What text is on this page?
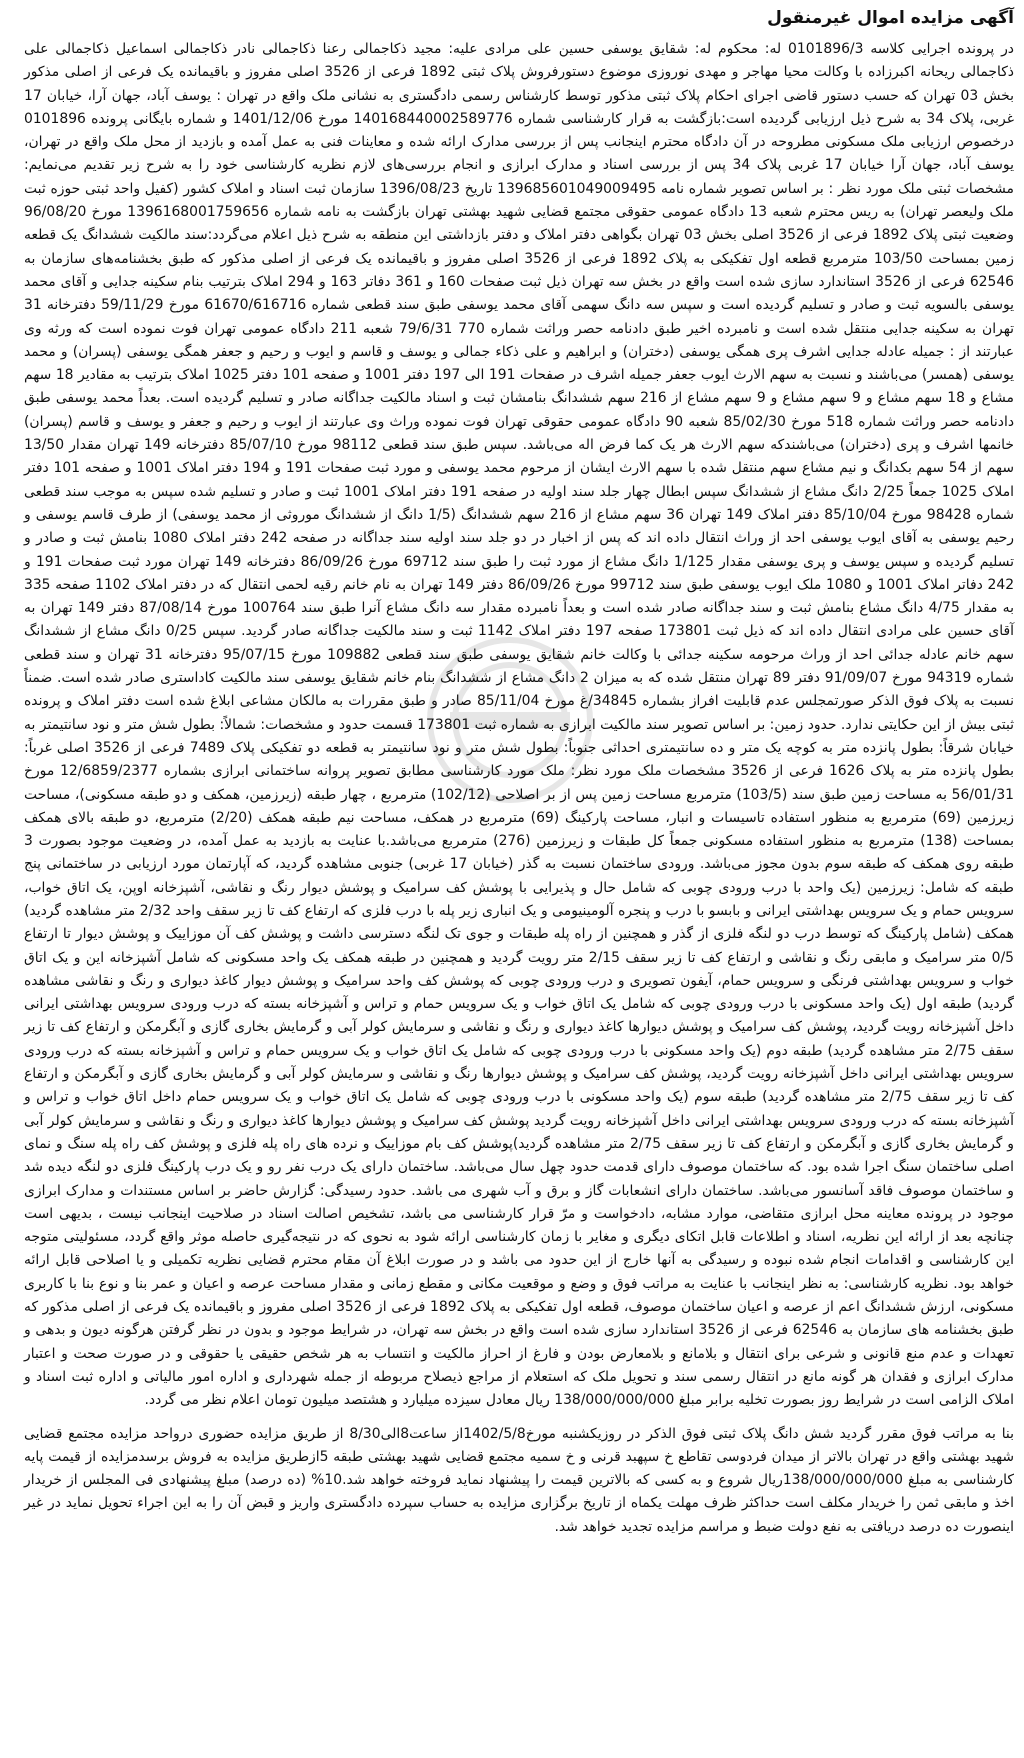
آگهی مزایده اموال غیرمنقول

در پرونده اجرایی کلاسه 0101896/3 له: محکوم له: شقایق یوسفی حسین علی مرادی علیه: مجید ذکاجمالی رعنا ذکاجمالی نادر ذکاجمالی اسماعیل ذکاجمالی علی ذکاجمالی ریحانه اکبرزاده با وکالت محیا مهاجر و مهدی نوروزی موضوع دستورفروش پلاک ثبتی 1892 فرعی از 3526 اصلی مفروز و باقیمانده یک فرعی از اصلی مذکور بخش 03 تهران که حسب دستور قاضی اجرای احکام پلاک ثبتی مذکور توسط کارشناس رسمی دادگستری به نشانی ملک واقع در تهران : یوسف آباد، جهان آرا، خیابان 17 غربی، پلاک 34 به شرح ذیل ارزیابی گردیده است:بازگشت به قرار کارشناسی شماره 140168440002589776 مورخ 1401/12/06 و شماره بایگانی پرونده 0101896 درخصوص ارزیابی ملک مسکونی مطروحه در آن دادگاه محترم اینجانب پس از بررسی مدارک ارائه شده و معاینات فنی به عمل آمده و بازدید از محل ملک واقع در تهران، یوسف آباد، جهان آرا خیابان 17 غربی پلاک 34 پس از بررسی اسناد و مدارک ابرازی و انجام بررسی‌های لازم نظریه کارشناسی خود را به شرح زیر تقدیم می‌نمایم: مشخصات ثبتی ملک مورد نظر : بر اساس تصویر شماره نامه 139685601049009495 تاریخ 1396/08/23 سازمان ثبت اسناد و املاک کشور (کفیل واحد ثبتی حوزه ثبت ملک ولیعصر تهران) به ریس محترم شعبه 13 دادگاه عمومی حقوقی مجتمع قضایی شهید بهشتی تهران بازگشت به نامه شماره 1396168001759656 مورخ 96/08/20 وضعیت ثبتی پلاک 1892 فرعی از 3526 اصلی بخش 03 تهران بگواهی دفتر املاک و دفتر بازداشتی این منطقه به شرح ذیل اعلام می‌گردد:سند مالکیت ششدانگ یک قطعه زمین بمساحت 103/50 مترمربع قطعه اول تفکیکی به پلاک 1892 فرعی از 3526 اصلی مفروز و باقیمانده یک فرعی از اصلی مذکور که طبق بخشنامه‌های سازمان به 62546 فرعی از 3526 استاندارد سازی شده است واقع در بخش سه تهران ذیل ثبت صفحات 160 و 361 دفاتر 163 و 294 املاک بترتیب بنام سکینه جدایی و آقای محمد یوسفی بالسویه ثبت و صادر و تسلیم گردیده است و سپس سه دانگ سهمی آقای محمد یوسفی طبق سند قطعی شماره 61670/616716 مورخ 59/11/29 دفترخانه 31 تهران به سکینه جدایی منتقل شده است و نامبرده اخیر طبق دادنامه حصر وراثت شماره 770 79/6/31 شعبه 211 دادگاه عمومی تهران فوت نموده است که ورثه وی عبارتند از : جمیله عادله جدایی اشرف پری همگی یوسفی (دختران) و ابراهیم و علی ذکاء جمالی و یوسف و قاسم و ایوب و رحیم و جعفر همگی یوسفی (پسران) و محمد یوسفی (همسر) می‌باشند و نسبت به سهم الارث ایوب جعفر جمیله اشرف در صفحات 191 الی 197 دفتر 1001 و صفحه 101 دفتر 1025 املاک بترتیب به مقادیر 18 سهم مشاع و 18 سهم مشاع و 9 سهم مشاع و 9 سهم مشاع از 216 سهم ششدانگ بنامشان ثبت و اسناد مالکیت جداگانه صادر و تسلیم گردیده است. بعداً محمد یوسفی طبق دادنامه حصر وراثت شماره 518 مورخ 85/02/30 شعبه 90 دادگاه عمومی حقوقی تهران فوت نموده وراث وی عبارتند از ایوب و رحیم و جعفر و یوسف و قاسم (پسران) خانمها اشرف و پری (دختران) می‌باشندکه سهم الارث هر یک کما فرض اله می‌باشد. سپس طبق سند قطعی 98112 مورخ 85/07/10 دفترخانه 149 تهران مقدار 13/50 سهم از 54 سهم بکدانگ و نیم مشاع سهم منتقل شده با سهم الارث ایشان از مرحوم محمد یوسفی و مورد ثبت صفحات 191 و 194 دفتر املاک 1001 و صفحه 101 دفتر املاک 1025 جمعاً 2/25 دانگ مشاع از ششدانگ سپس ابطال چهار جلد سند اولیه در صفحه 191 دفتر املاک 1001 ثبت و صادر و تسلیم شده سپس به موجب سند قطعی شماره 98428 مورخ 85/10/04 دفتر املاک 149 تهران 36 سهم مشاع از 216 سهم ششدانگ (1/5 دانگ از ششدانگ موروثی از محمد یوسفی) از طرف قاسم یوسفی و رحیم یوسفی به آقای ایوب یوسفی احد از وراث انتقال داده اند که پس از اخبار در دو جلد سند اولیه سند جداگانه در صفحه 242 دفتر املاک 1080 بنامش ثبت و صادر و تسلیم گردیده و سپس یوسف و پری یوسفی مقدار 1/125 دانگ مشاع از مورد ثبت را طبق سند 69712 مورخ 86/09/26 دفترخانه 149 تهران مورد ثبت صفحات 191 و 242 دفاتر املاک 1001 و 1080 ملک ایوب یوسفی طبق سند 99712 مورخ 86/09/26 دفتر 149 تهران به نام خانم رقیه لحمی انتقال که در دفتر املاک 1102 صفحه 335 به مقدار 4/75 دانگ مشاع بنامش ثبت و سند جداگانه صادر شده است و بعداً نامبرده مقدار سه دانگ مشاع آنرا طبق سند 100764 مورخ 87/08/14 دفتر 149 تهران به آقای حسین علی مرادی انتقال داده اند که ذیل ثبت 173801 صفحه 197 دفتر املاک 1142 ثبت و سند مالکیت جداگانه صادر گردید. سپس 0/25 دانگ مشاع از ششدانگ سهم خانم عادله جدائی احد از وراث مرحومه سکینه جدائی با وکالت خانم شقایق یوسفی طبق سند قطعی 109882 مورخ 95/07/15 دفترخانه 31 تهران و سند قطعی شماره 94319 مورخ 91/09/07 دفتر 89 تهران منتقل شده که به میزان 2 دانگ مشاع از ششدانگ بنام خانم شقایق یوسفی سند مالکیت کاداستری صادر شده است. ضمناً نسبت به پلاک فوق الذکر صورتمجلس عدم قابلیت افراز بشماره 34845/غ مورخ 85/11/04 صادر و طبق مقررات به مالکان مشاعی ابلاغ شده است دفتر املاک و پرونده ثبتی بیش از این حکایتی ندارد. حدود زمین: بر اساس تصویر سند مالکیت ابرازی به شماره ثبت 173801 قسمت حدود و مشخصات: شمالاً: بطول شش متر و نود سانتیمتر به خیابان شرقاً: بطول پانزده متر به کوچه یک متر و ده سانتیمتری احداثی جنوباً: بطول شش متر و نود سانتیمتر به قطعه دو تفکیکی پلاک 7489 فرعی از 3526 اصلی غرباً: بطول پانزده متر به پلاک 1626 فرعی از 3526 مشخصات ملک مورد نظر: ملک مورد کارشناسی مطابق تصویر پروانه ساختمانی ابرازی بشماره 12/6859/2377 مورخ 56/01/31 به مساحت زمین طبق سند (103/5) مترمربع مساحت زمین پس از بر اصلاحی (102/12) مترمربع ، چهار طبقه (زیرزمین، همکف و دو طبقه مسکونی)، مساحت زیرزمین (69) مترمربع به منظور استفاده تاسیسات و انبار، مساحت پارکینگ (69) مترمربع در همکف، مساحت نیم طبقه همکف (2/20) مترمربع، دو طبقه بالای همکف بمساحت (138) مترمربع به منظور استفاده مسکونی جمعاً کل طبقات و زیرزمین (276) مترمربع می‌باشد.با عنایت به بازدید به عمل آمده، در وضعیت موجود بصورت 3 طبقه روی همکف که طبقه سوم بدون مجوز می‌باشد. ورودی ساختمان نسبت به گذر (خیابان 17 غربی) جنوبی مشاهده گردید، که آپارتمان مورد ارزیابی در ساختمانی پنج طبقه که شامل: زیرزمین (یک واحد با درب ورودی چوبی که شامل حال و پذیرایی با پوشش کف سرامیک و پوشش دیوار رنگ و نقاشی، آشپزخانه اوپن، یک اتاق خواب، سرویس حمام و یک سرویس بهداشتی ایرانی و بابسو با درب و پنجره آلومینیومی و یک انباری زیر پله با درب فلزی که ارتفاع کف تا زیر سقف واحد 2/32 متر مشاهده گردید) همکف (شامل پارکینگ که توسط درب دو لنگه فلزی از گذر و همچنین از راه پله طبقات و جوی تک لنگه دسترسی داشت و پوشش کف آن موزاییک و پوشش دیوار تا ارتفاع 0/5 متر سرامیک و مابقی رنگ و نقاشی و ارتفاع کف تا زیر سقف 2/15 متر رویت گردید و همچنین در طبقه همکف یک واحد مسکونی که شامل آشپزخانه این و یک اتاق خواب و سرویس بهداشتی فرنگی و سرویس حمام، آیفون تصویری و درب ورودی چوبی که پوشش کف واحد سرامیک و پوشش دیوار کاغذ دیواری و رنگ و نقاشی مشاهده گردید) طبقه اول (یک واحد مسکونی با درب ورودی چوبی که شامل یک اتاق خواب و یک سرویس حمام و تراس و آشپزخانه بسته که درب ورودی سرویس بهداشتی ایرانی داخل آشپزخانه رویت گردید، پوشش کف سرامیک و پوشش دیوارها کاغذ دیواری و رنگ و نقاشی و سرمایش کولر آبی و گرمایش بخاری گازی و آبگرمکن و ارتفاع کف تا زیر سقف 2/75 متر مشاهده گردید) طبقه دوم (یک واحد مسکونی با درب ورودی چوبی که شامل یک اتاق خواب و یک سرویس حمام و تراس و آشپزخانه بسته که درب ورودی سرویس بهداشتی ایرانی داخل آشپزخانه رویت گردید، پوشش کف سرامیک و پوشش دیوارها رنگ و نقاشی و سرمایش کولر آبی و گرمایش بخاری گازی و آبگرمکن و ارتفاع کف تا زیر سقف 2/75 متر مشاهده گردید) طبقه سوم (یک واحد مسکونی با درب ورودی چوبی که شامل یک اتاق خواب و یک سرویس حمام داخل اتاق خواب و تراس و آشپزخانه بسته که درب ورودی سرویس بهداشتی ایرانی داخل آشپزخانه رویت گردید پوشش کف سرامیک و پوشش دیوارها کاغذ دیواری و رنگ و نقاشی و سرمایش کولر آبی و گرمایش بخاری گازی و آبگرمکن و ارتفاع کف تا زیر سقف 2/75 متر مشاهده گردید)پوشش کف بام موزاییک و نرده های راه پله فلزی و پوشش کف راه پله سنگ و نمای اصلی ساختمان سنگ اجرا شده بود. که ساختمان موصوف دارای قدمت حدود چهل سال می‌باشد. ساختمان دارای یک درب نفر رو و یک درب پارکینگ فلزی دو لنگه دیده شد و ساختمان موصوف فاقد آسانسور می‌باشد. ساختمان دارای انشعابات گاز و برق و آب شهری می باشد. حدود رسیدگی: گزارش حاضر بر اساس مستندات و مدارک ابرازی موجود در پرونده معاینه محل ابرازی متقاضی، موارد مشابه، دادخواست و مرّ قرار کارشناسی می باشد، تشخیص اصالت اسناد در صلاحیت اینجانب نیست ، بدیهی است چنانچه بعد از ارائه این نظریه، اسناد و اطلاعات قابل اتکای دیگری و مغایر با زمان کارشناسی ارائه شود به نحوی که در نتیجه‌گیری حاصله موثر واقع گردد، مسئولیتی متوجه این کارشناسی و اقدامات انجام شده نبوده و رسیدگی به آنها خارج از این حدود می باشد و در صورت ابلاغ آن مقام محترم قضایی نظریه تکمیلی و یا اصلاحی قابل ارائه خواهد بود. نظریه کارشناسی: به نظر اینجانب با عنایت به مراتب فوق و وضع و موقعیت مکانی و مقطع زمانی و مقدار مساحت عرصه و اعیان و عمر بنا و نوع بنا با کاربری مسکونی، ارزش ششدانگ اعم از عرصه و اعیان ساختمان موصوف، قطعه اول تفکیکی به پلاک 1892 فرعی از 3526 اصلی مفروز و باقیمانده یک فرعی از اصلی مذکور که طبق بخشنامه های سازمان به 62546 فرعی از 3526 استاندارد سازی شده است واقع در بخش سه تهران، در شرایط موجود و بدون در نظر گرفتن هرگونه دیون و بدهی و تعهدات و عدم منع قانونی و شرعی برای انتقال و بلامانع و بلامعارض بودن و فارغ از احراز مالکیت و انتساب به هر شخص حقیقی یا حقوقی و در صورت صحت و اعتبار مدارک ابرازی و فقدان هر گونه مانع در انتقال رسمی سند و تحویل ملک که استعلام از مراجع ذیصلاح مربوطه از جمله شهرداری و اداره امور مالیاتی و اداره ثبت اسناد و املاک الزامی است در شرایط روز بصورت تخلیه برابر مبلغ 138/000/000/000 ریال معادل سیزده میلیارد و هشتصد میلیون تومان اعلام نظر می گردد.

بنا به مراتب فوق مقرر گردید شش دانگ پلاک ثبتی فوق الذکر در روزیکشنبه مورخ1402/5/8از ساعت8الی8/30 از طریق مزایده حضوری درواحد مزایده مجتمع قضایی شهید بهشتی واقع در تهران بالاتر از میدان فردوسی تقاطع خ سپهبد قرنی و خ سمیه مجتمع قضایی شهید بهشتی طبقه 5ازطریق مزایده به فروش برسدمزایده از قیمت پایه کارشناسی به مبلغ 138/000/000/000ریال شروع و به کسی که بالاترین قیمت را پیشنهاد نماید فروخته خواهد شد.10% (ده درصد) مبلغ پیشنهادی فی المجلس از خریدار اخذ و مابقی ثمن را خریدار مکلف است حداکثر ظرف مهلت یکماه از تاریخ برگزاری مزایده به حساب سپرده دادگستری واریز و قبض آن را به این اجراء تحویل نماید در غیر اینصورت ده درصد دریافتی به نفع دولت ضبط و مراسم مزایده تجدید خواهد شد.
